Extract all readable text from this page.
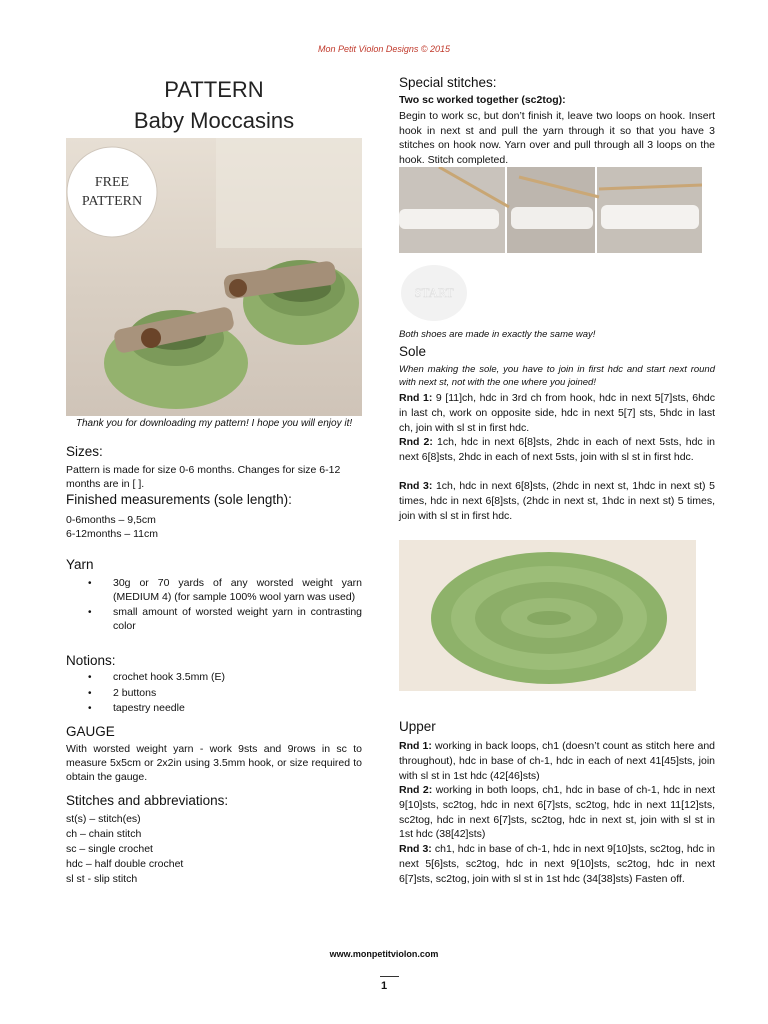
Mon Petit Violon Designs © 2015
PATTERN
Baby Moccasins
FREE
PATTERN
Thank you for downloading my pattern! I hope you will enjoy it!
Sizes:
Pattern is made for size 0-6 months. Changes for size 6-12 months are in [ ].
Finished measurements (sole length):
0-6months – 9,5cm
6-12months – 11cm
Yarn
• 30g or 70 yards of any worsted weight yarn (MEDIUM 4) (for sample 100% wool yarn was used)
• small amount of worsted weight yarn in contrasting color
Notions:
• crochet hook 3.5mm (E)
• 2 buttons
• tapestry needle
GAUGE
With worsted weight yarn - work 9sts and 9rows in sc to measure 5x5cm or 2x2in using 3.5mm hook, or size required to obtain the gauge.
Stitches and abbreviations:
st(s) – stitch(es)
ch – chain stitch
sc – single crochet
hdc – half double crochet
sl st - slip stitch
Special stitches:
Two sc worked together (sc2tog):
Begin to work sc, but don’t finish it, leave two loops on hook. Insert hook in next st and pull the yarn through it so that you have 3 stitches on hook now. Yarn over and pull through all 3 loops on the hook. Stitch completed.
START
Both shoes are made in exactly the same way!
Sole
When making the sole, you have to join in first hdc and start next round with next st, not with the one where you joined!
Rnd 1: 9 [11]ch, hdc in 3rd ch from hook, hdc in next 5[7]sts, 6hdc in last ch, work on opposite side, hdc in next 5[7] sts, 5hdc in last ch, join with sl st in first hdc.
Rnd 2: 1ch, hdc in next 6[8]sts, 2hdc in each of next 5sts, hdc in next 6[8]sts, 2hdc in each of next 5sts, join with sl st in first hdc.
Rnd 3: 1ch, hdc in next 6[8]sts, (2hdc in next st, 1hdc in next st) 5 times, hdc in next 6[8]sts, (2hdc in next st, 1hdc in next st) 5 times, join with sl st in first hdc.
Upper
Rnd 1: working in back loops, ch1 (doesn’t count as stitch here and throughout), hdc in base of ch-1, hdc in each of next 41[45]sts, join with sl st in 1st hdc (42[46]sts)
Rnd 2: working in both loops, ch1, hdc in base of ch-1, hdc in next 9[10]sts, sc2tog, hdc in next 6[7]sts, sc2tog, hdc in next 11[12]sts, sc2tog, hdc in next 6[7]sts, sc2tog, hdc in next st, join with sl st in 1st hdc (38[42]sts)
Rnd 3: ch1, hdc in base of ch-1, hdc in next 9[10]sts, sc2tog, hdc in next 5[6]sts, sc2tog, hdc in next 9[10]sts, sc2tog, hdc in next 6[7]sts, sc2tog, join with sl st in 1st hdc (34[38]sts) Fasten off.
www.monpetitviolon.com
1
